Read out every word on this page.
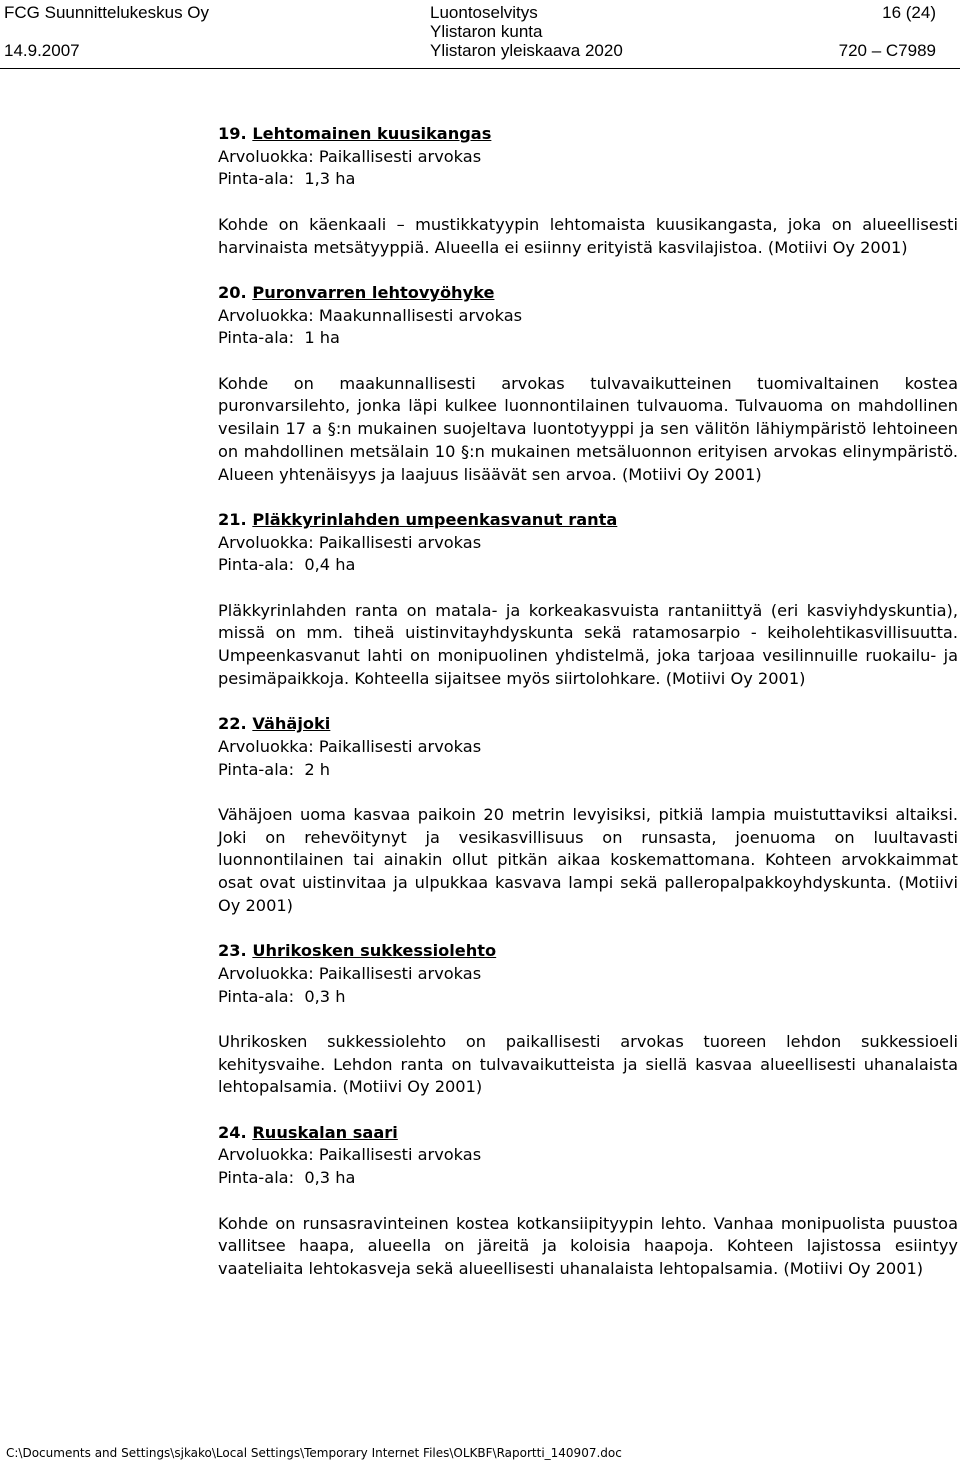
FCG Suunnittelukeskus Oy
14.9.2007
Luontoselvitys
Ylistaron kunta
Ylistaron yleiskaava 2020
16 (24)
720 – C7989
19. Lehtomainen kuusikangas
Arvoluokka: Paikallisesti arvokas
Pinta-ala:  1,3 ha
Kohde on käenkaali – mustikkatyypin lehtomaista kuusikangasta, joka on alueellisesti harvinaista metsätyyppiä. Alueella ei esiinny erityistä kasvilajistoa. (Motiivi Oy 2001)
20. Puronvarren lehtovyöhyke
Arvoluokka: Maakunnallisesti arvokas
Pinta-ala:  1 ha
Kohde on maakunnallisesti arvokas tulvavaikutteinen tuomivaltainen kostea puronvarsilehto, jonka läpi kulkee luonnontilainen tulvauoma. Tulvauoma on mahdollinen vesilain 17 a §:n mukainen suojeltava luontotyyppi ja sen välitön lähiympäristö lehtoineen on mahdollinen metsälain 10 §:n mukainen metsäluonnon erityisen arvokas elinympäristö. Alueen yhtenäisyys ja laajuus lisäävät sen arvoa. (Motiivi Oy 2001)
21. Pläkkyrinlahden umpeenkasvanut ranta
Arvoluokka: Paikallisesti arvokas
Pinta-ala:  0,4 ha
Pläkkyrinlahden ranta on matala- ja korkeakasvuista rantaniittyä (eri kasviyhdyskuntia), missä on mm. tiheä uistinvitayhdyskunta sekä ratamosarpio - keiholehtikasvillisuutta. Umpeenkasvanut lahti on monipuolinen yhdistelmä, joka tarjoaa vesilinnuille ruokailu- ja pesimäpaikkoja. Kohteella sijaitsee myös siirtolohkare. (Motiivi Oy 2001)
22. Vähäjoki
Arvoluokka: Paikallisesti arvokas
Pinta-ala:  2 h
Vähäjoen uoma kasvaa paikoin 20 metrin levyisiksi, pitkiä lampia muistuttaviksi altaiksi. Joki on rehevöitynyt ja vesikasvillisuus on runsasta, joenuoma on luultavasti luonnontilainen tai ainakin ollut pitkän aikaa koskemattomana. Kohteen arvokkaimmat osat ovat uistinvitaa ja ulpukkaa kasvava lampi sekä palleropalpakkoyhdyskunta. (Motiivi Oy 2001)
23. Uhrikosken sukkessiolehto
Arvoluokka: Paikallisesti arvokas
Pinta-ala:  0,3 h
Uhrikosken sukkessiolehto on paikallisesti arvokas tuoreen lehdon sukkessioeli kehitysvaihe. Lehdon ranta on tulvavaikutteista ja siellä kasvaa alueellisesti uhanalaista lehtopalsamia. (Motiivi Oy 2001)
24. Ruuskalan saari
Arvoluokka: Paikallisesti arvokas
Pinta-ala:  0,3 ha
Kohde on runsasravinteinen kostea kotkansiipityypin lehto. Vanhaa monipuolista puustoa vallitsee haapa, alueella on järeitä ja koloisia haapoja. Kohteen lajistossa esiintyy vaateliaita lehtokasveja sekä alueellisesti uhanalaista lehtopalsamia. (Motiivi Oy 2001)
C:\Documents and Settings\sjkako\Local Settings\Temporary Internet Files\OLKBF\Raportti_140907.doc
